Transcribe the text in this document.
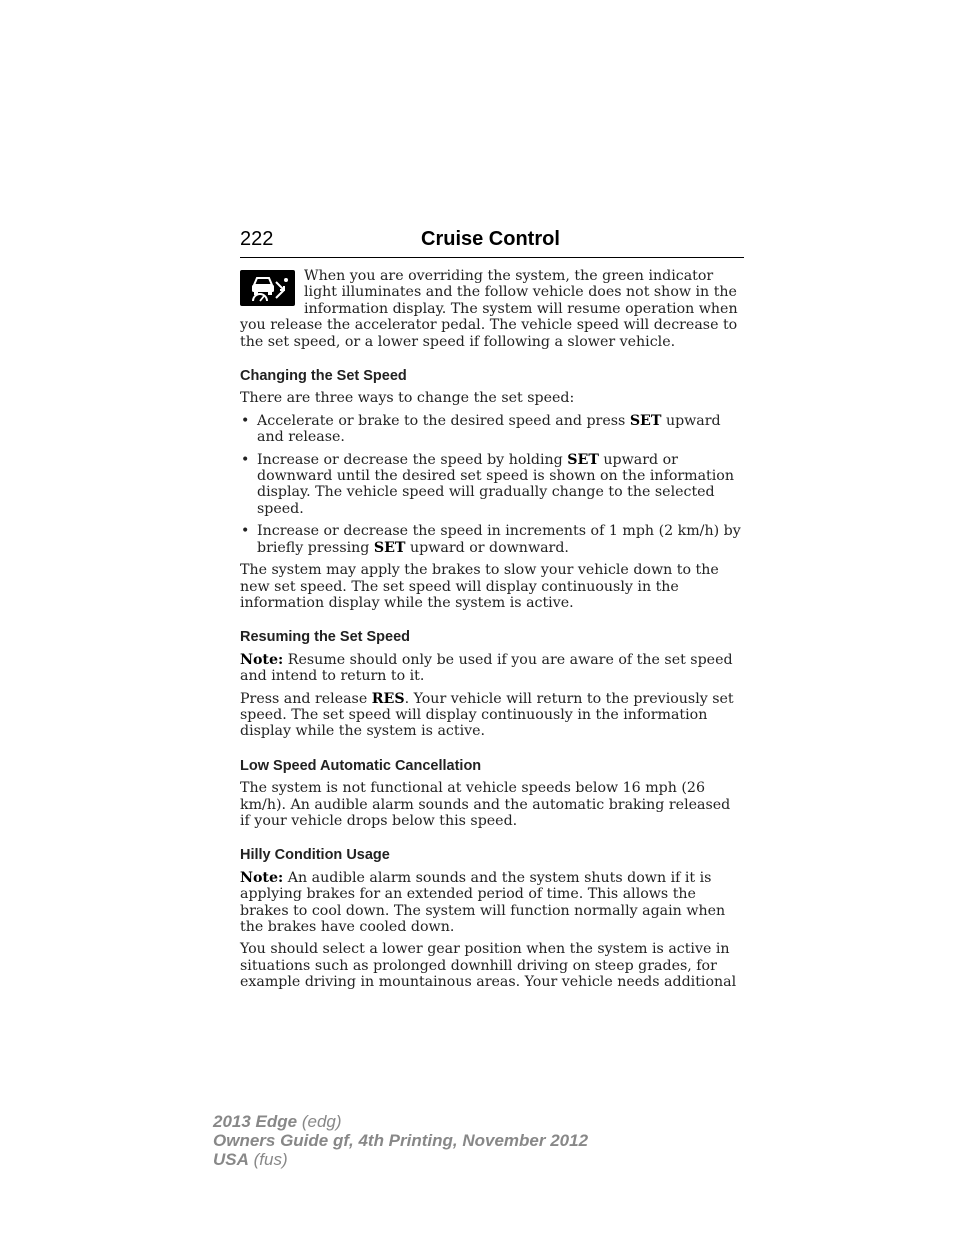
222	Cruise Control
When you are overriding the system, the green indicator light illuminates and the follow vehicle does not show in the information display. The system will resume operation when you release the accelerator pedal. The vehicle speed will decrease to the set speed, or a lower speed if following a slower vehicle.
Changing the Set Speed

There are three ways to change the set speed:

• Accelerate or brake to the desired speed and press SET upward and release.
• Increase or decrease the speed by holding SET upward or downward until the desired set speed is shown on the information display. The vehicle speed will gradually change to the selected speed.
• Increase or decrease the speed in increments of 1 mph (2 km/h) by briefly pressing SET upward or downward.

The system may apply the brakes to slow your vehicle down to the new set speed. The set speed will display continuously in the information display while the system is active.

Resuming the Set Speed

Note: Resume should only be used if you are aware of the set speed and intend to return to it.

Press and release RES. Your vehicle will return to the previously set speed. The set speed will display continuously in the information display while the system is active.

Low Speed Automatic Cancellation

The system is not functional at vehicle speeds below 16 mph (26 km/h). An audible alarm sounds and the automatic braking released if your vehicle drops below this speed.

Hilly Condition Usage

Note: An audible alarm sounds and the system shuts down if it is applying brakes for an extended period of time. This allows the brakes to cool down. The system will function normally again when the brakes have cooled down.

You should select a lower gear position when the system is active in situations such as prolonged downhill driving on steep grades, for example driving in mountainous areas. Your vehicle needs additional

2013 Edge (edg)
Owners Guide gf, 4th Printing, November 2012
USA (fus)
